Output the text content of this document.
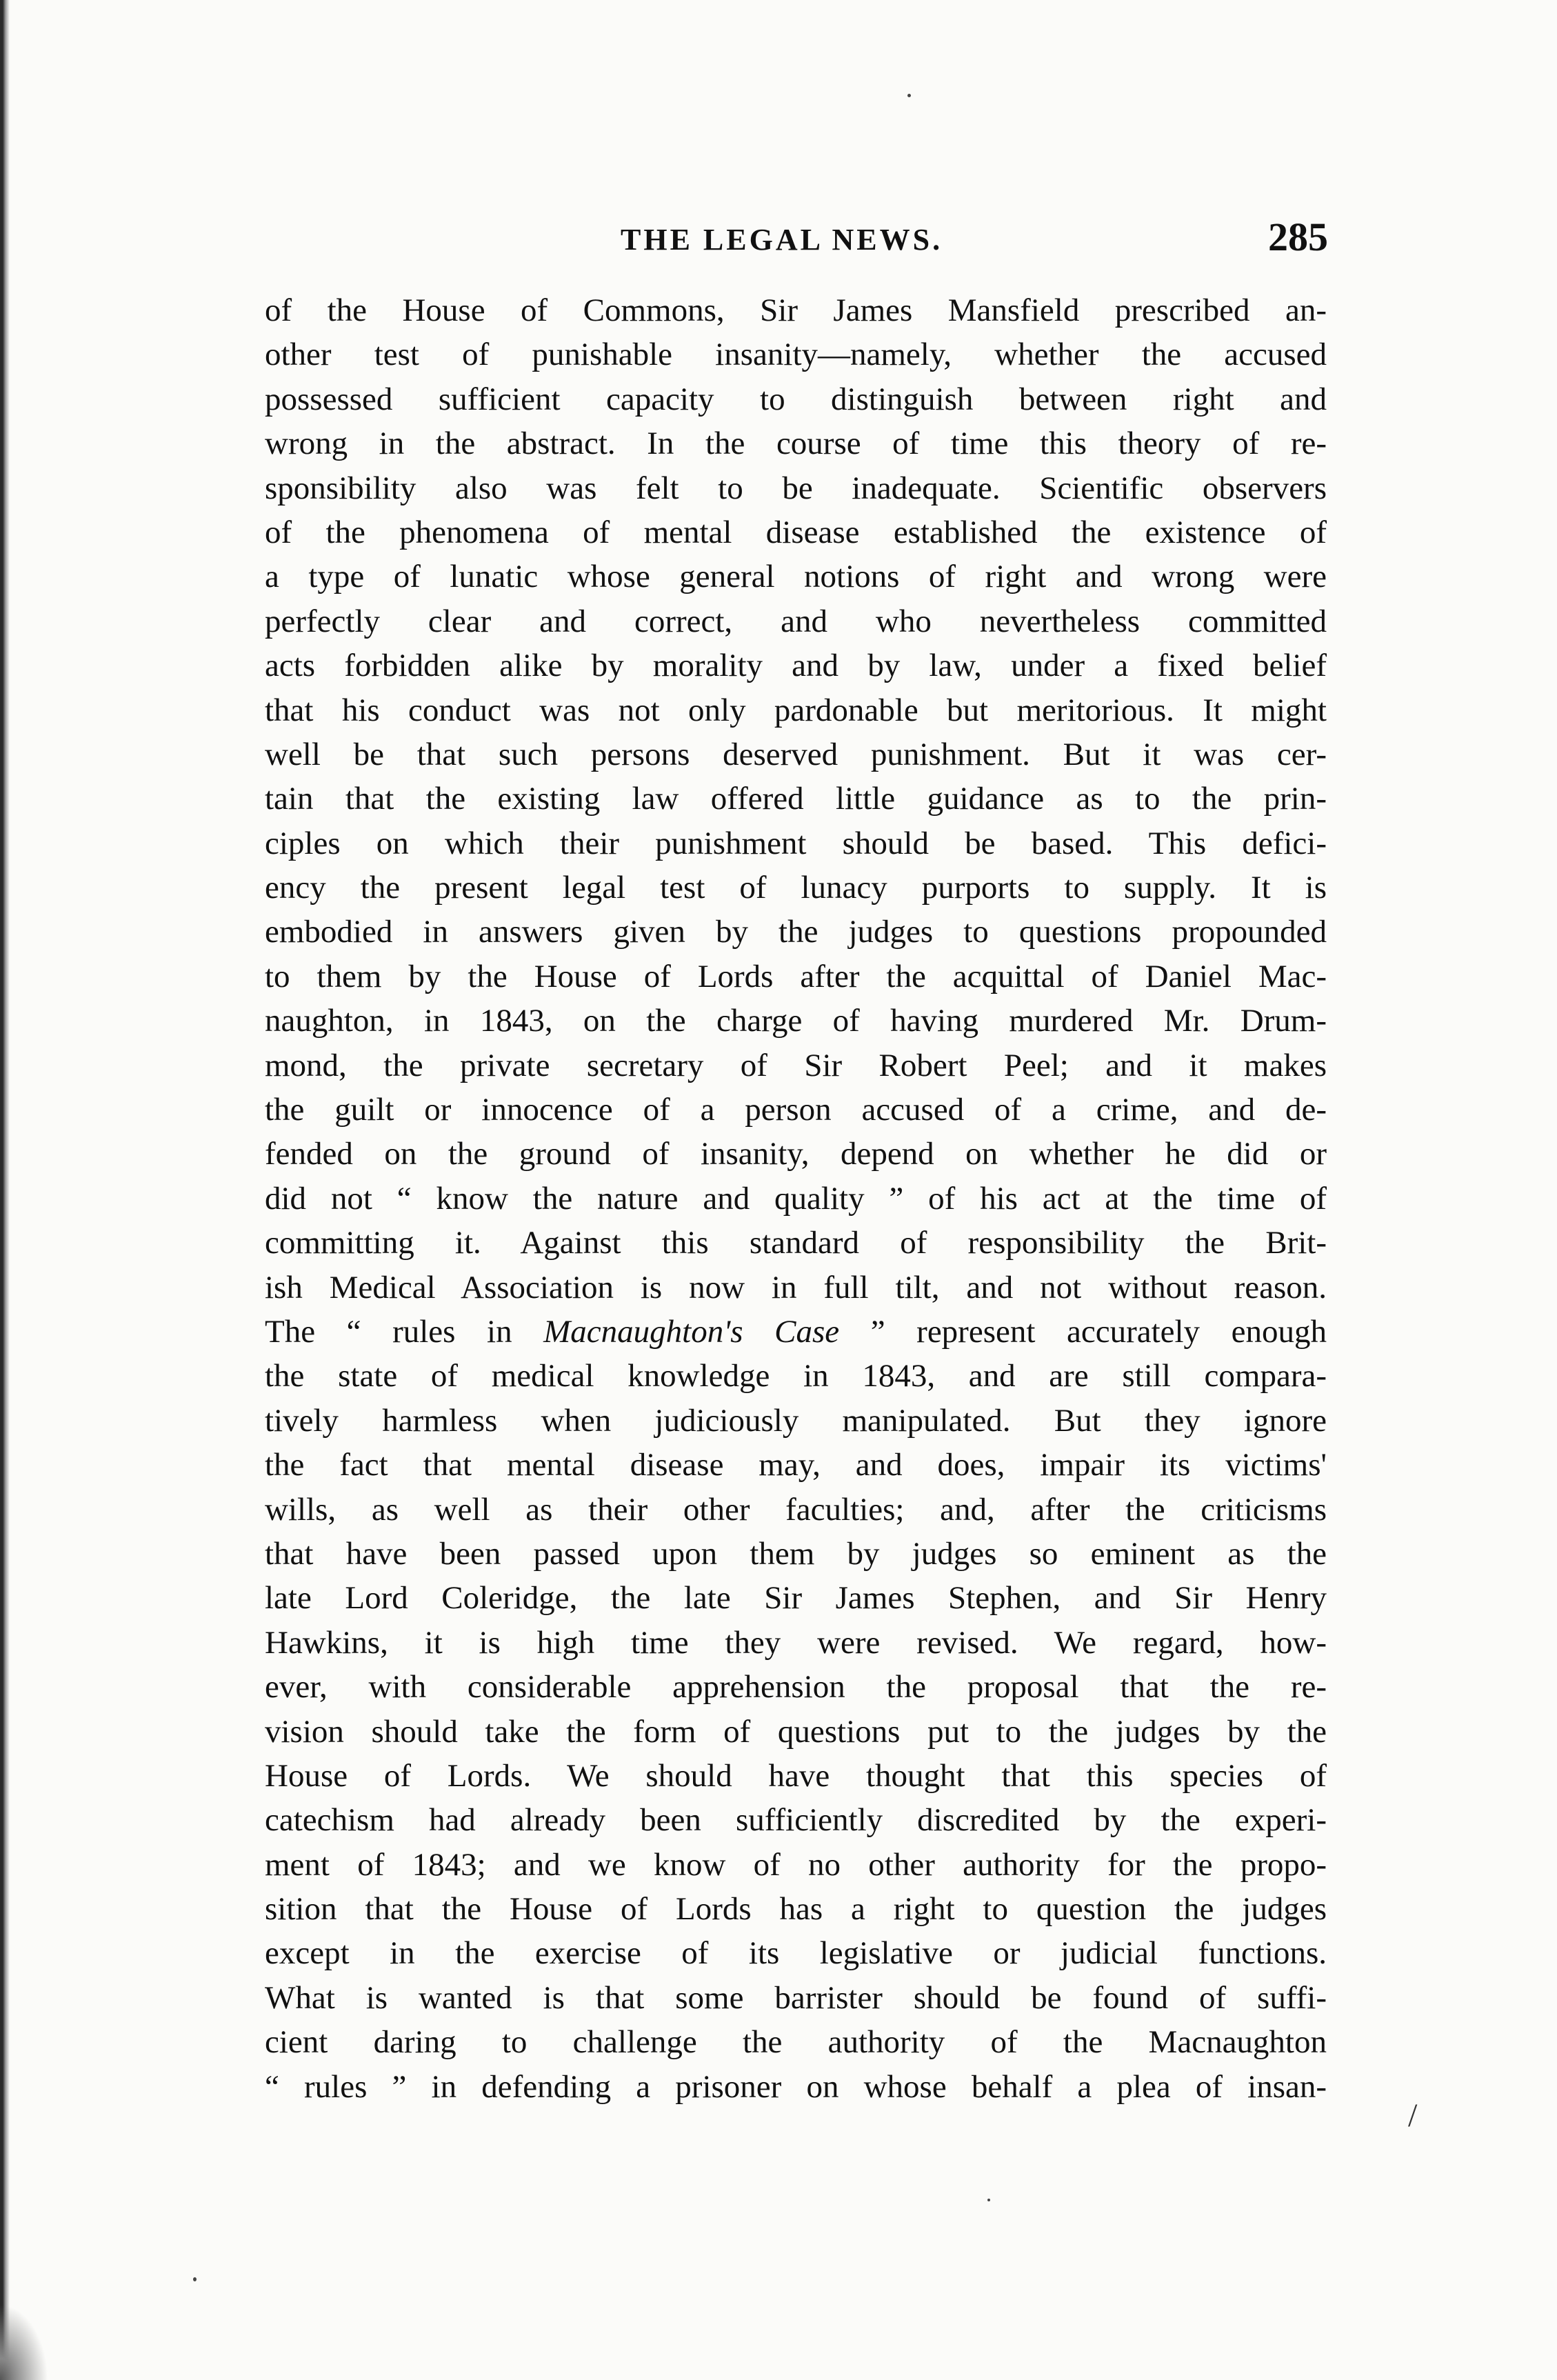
THE LEGAL NEWS.	285
of the House of Commons, Sir James Mansfield prescribed an-
other test of punishable insanity—namely, whether the accused
possessed sufficient capacity to distinguish between right and
wrong in the abstract. In the course of time this theory of re-
sponsibility also was felt to be inadequate. Scientific observers
of the phenomena of mental disease established the existence of
a type of lunatic whose general notions of right and wrong were
perfectly clear and correct, and who nevertheless committed
acts forbidden alike by morality and by law, under a fixed belief
that his conduct was not only pardonable but meritorious. It might
well be that such persons deserved punishment. But it was cer-
tain that the existing law offered little guidance as to the prin-
ciples on which their punishment should be based. This defici-
ency the present legal test of lunacy purports to supply. It is
embodied in answers given by the judges to questions propounded
to them by the House of Lords after the acquittal of Daniel Mac-
naughton, in 1843, on the charge of having murdered Mr. Drum-
mond, the private secretary of Sir Robert Peel; and it makes
the guilt or innocence of a person accused of a crime, and de-
fended on the ground of insanity, depend on whether he did or
did not “ know the nature and quality ” of his act at the time of
committing it. Against this standard of responsibility the Brit-
ish Medical Association is now in full tilt, and not without reason.
The “ rules in Macnaughton's Case ” represent accurately enough
the state of medical knowledge in 1843, and are still compara-
tively harmless when judiciously manipulated. But they ignore
the fact that mental disease may, and does, impair its victims'
wills, as well as their other faculties; and, after the criticisms
that have been passed upon them by judges so eminent as the
late Lord Coleridge, the late Sir James Stephen, and Sir Henry
Hawkins, it is high time they were revised. We regard, how-
ever, with considerable apprehension the proposal that the re-
vision should take the form of questions put to the judges by the
House of Lords. We should have thought that this species of
catechism had already been sufficiently discredited by the experi-
ment of 1843; and we know of no other authority for the propo-
sition that the House of Lords has a right to question the judges
except in the exercise of its legislative or judicial functions.
What is wanted is that some barrister should be found of suffi-
cient daring to challenge the authority of the Macnaughton
“ rules ” in defending a prisoner on whose behalf a plea of insan-
/
